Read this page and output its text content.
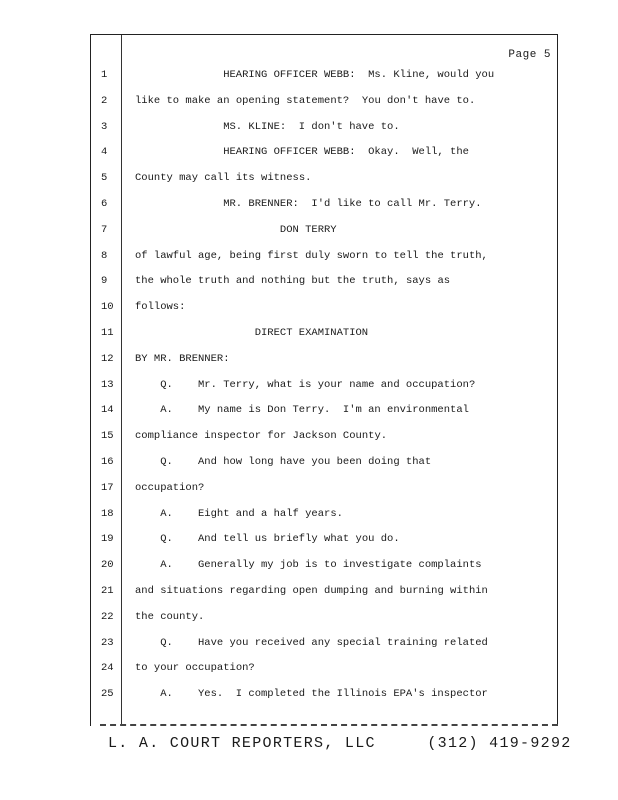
Page 5
1	HEARING OFFICER WEBB:  Ms. Kline, would you
2	like to make an opening statement?  You don't have to.
3	MS. KLINE:  I don't have to.
4	HEARING OFFICER WEBB:  Okay.  Well, the
5	County may call its witness.
6	MR. BRENNER:  I'd like to call Mr. Terry.
7	DON TERRY
8	of lawful age, being first duly sworn to tell the truth,
9	the whole truth and nothing but the truth, says as
10	follows:
11	DIRECT EXAMINATION
12	BY MR. BRENNER:
13	Q.    Mr. Terry, what is your name and occupation?
14	A.    My name is Don Terry.  I'm an environmental
15	compliance inspector for Jackson County.
16	Q.    And how long have you been doing that
17	occupation?
18	A.    Eight and a half years.
19	Q.    And tell us briefly what you do.
20	A.    Generally my job is to investigate complaints
21	and situations regarding open dumping and burning within
22	the county.
23	Q.    Have you received any special training related
24	to your occupation?
25	A.    Yes.  I completed the Illinois EPA's inspector
L. A. COURT REPORTERS, LLC     (312) 419-9292
